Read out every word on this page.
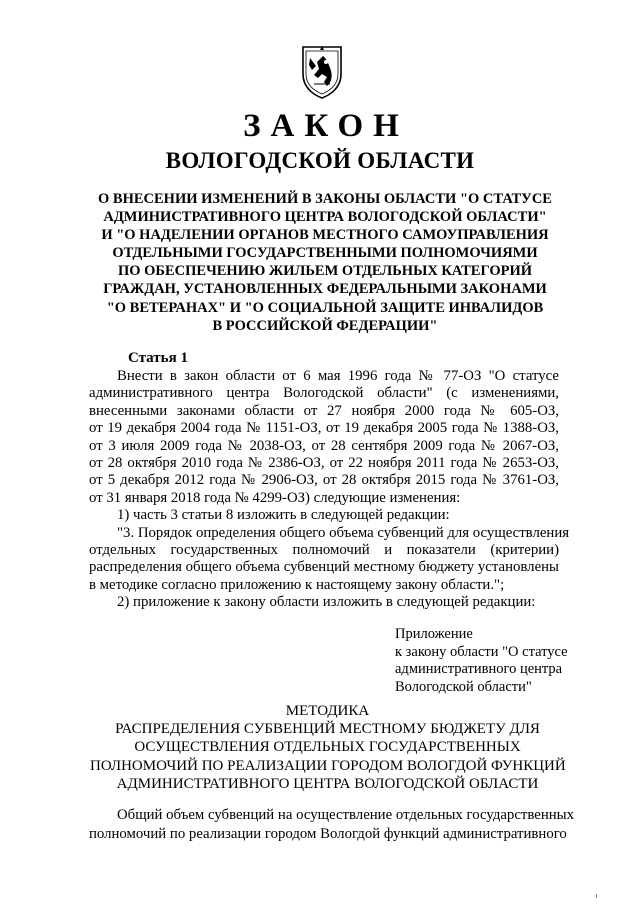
ЗАКОН
ВОЛОГОДСКОЙ ОБЛАСТИ
О ВНЕСЕНИИ ИЗМЕНЕНИЙ В ЗАКОНЫ ОБЛАСТИ "О СТАТУСЕ
АДМИНИСТРАТИВНОГО ЦЕНТРА ВОЛОГОДСКОЙ ОБЛАСТИ"
И "О НАДЕЛЕНИИ ОРГАНОВ МЕСТНОГО САМОУПРАВЛЕНИЯ
ОТДЕЛЬНЫМИ ГОСУДАРСТВЕННЫМИ ПОЛНОМОЧИЯМИ
ПО ОБЕСПЕЧЕНИЮ ЖИЛЬЕМ ОТДЕЛЬНЫХ КАТЕГОРИЙ
ГРАЖДАН, УСТАНОВЛЕННЫХ ФЕДЕРАЛЬНЫМИ ЗАКОНАМИ
"О ВЕТЕРАНАХ" И "О СОЦИАЛЬНОЙ ЗАЩИТЕ ИНВАЛИДОВ
В РОССИЙСКОЙ ФЕДЕРАЦИИ"
Статья 1
Внести в закон области от 6 мая 1996 года № 77-ОЗ "О статусе
административного центра Вологодской области" (с изменениями,
внесенными законами области от 27 ноября 2000 года № 605-ОЗ,
от 19 декабря 2004 года № 1151-ОЗ, от 19 декабря 2005 года № 1388-ОЗ,
от 3 июля 2009 года № 2038-ОЗ, от 28 сентября 2009 года № 2067-ОЗ,
от 28 октября 2010 года № 2386-ОЗ, от 22 ноября 2011 года № 2653-ОЗ,
от 5 декабря 2012 года № 2906-ОЗ, от 28 октября 2015 года № 3761-ОЗ,
от 31 января 2018 года № 4299-ОЗ) следующие изменения:
1) часть 3 статьи 8 изложить в следующей редакции:
"3. Порядок определения общего объема субвенций для осуществления
отдельных государственных полномочий и показатели (критерии)
распределения общего объема субвенций местному бюджету установлены
в методике согласно приложению к настоящему закону области.";
2) приложение к закону области изложить в следующей редакции:
Приложение
к закону области "О статусе
административного центра
Вологодской области"
МЕТОДИКА
РАСПРЕДЕЛЕНИЯ СУБВЕНЦИЙ МЕСТНОМУ БЮДЖЕТУ ДЛЯ
ОСУЩЕСТВЛЕНИЯ ОТДЕЛЬНЫХ ГОСУДАРСТВЕННЫХ
ПОЛНОМОЧИЙ ПО РЕАЛИЗАЦИИ ГОРОДОМ ВОЛОГДОЙ ФУНКЦИЙ
АДМИНИСТРАТИВНОГО ЦЕНТРА ВОЛОГОДСКОЙ ОБЛАСТИ
Общий объем субвенций на осуществление отдельных государственных
полномочий по реализации городом Вологдой функций административного
